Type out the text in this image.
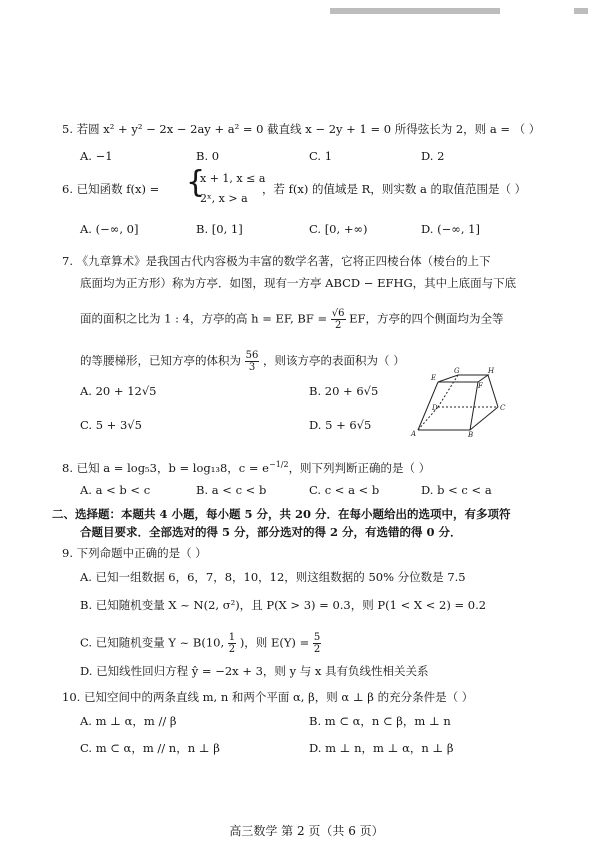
5. 若圆 x² + y² − 2x − 2ay + a² = 0 截直线 x − 2y + 1 = 0 所得弦长为 2，则 a = （ ）
A. −1	B. 0	C. 1	D. 2
6. 已知函数 f(x) = {
x + 1, x ≤ a
2ˣ, x > a
，若 f(x) 的值域是 R，则实数 a 的取值范围是（ ）
A. (−∞, 0]	B. [0, 1]	C. [0, +∞)	D. (−∞, 1]
7. 《九章算术》是我国古代内容极为丰富的数学名著，它将正四棱台体（棱台的上下
底面均为正方形）称为方亭．如图，现有一方亭 ABCD − EFHG，其中上底面与下底
面的面积之比为 1 : 4，方亭的高 h = EF, BF = $\frac{√6}{2}$ EF，方亭的四个侧面均为全等
的等腰梯形，已知方亭的体积为 $\frac{56}{3}$ ，则该方亭的表面积为（ ）
A. 20 + 12√5	B. 20 + 6√5
C. 5 + 3√5	D. 5 + 6√5
E
G	H
F
D	C
A	B
8. 已知 a = log₅3，b = log₁₃8，$c = e^{-1/2}$，则下列判断正确的是（ ）
A. a < b < c	B. a < c < b	C. c < a < b	D. b < c < a
二、选择题：本题共 4 小题，每小题 5 分，共 20 分．在每小题给出的选项中，有多项符
合题目要求．全部选对的得 5 分，部分选对的得 2 分，有选错的得 0 分．
9. 下列命题中正确的是（ ）
A. 已知一组数据 6，6，7，8，10，12，则这组数据的 50% 分位数是 7.5
B. 已知随机变量 X ~ N(2, σ²)，且 P(X > 3) = 0.3，则 P(1 < X < 2) = 0.2
C. 已知随机变量 Y ~ B(10, $\frac{1}{2}$ )，则 $E(Y) = \frac{5}{2}$
D. 已知线性回归方程 ŷ = −2x + 3，则 y 与 x 具有负线性相关关系
10. 已知空间中的两条直线 m, n 和两个平面 α, β，则 α ⊥ β 的充分条件是（ ）
A. m ⊥ α，m // β	B. m ⊂ α，n ⊂ β，m ⊥ n
C. m ⊂ α，m // n，n ⊥ β	D. m ⊥ n，m ⊥ α，n ⊥ β
高三数学 第 2 页（共 6 页）
